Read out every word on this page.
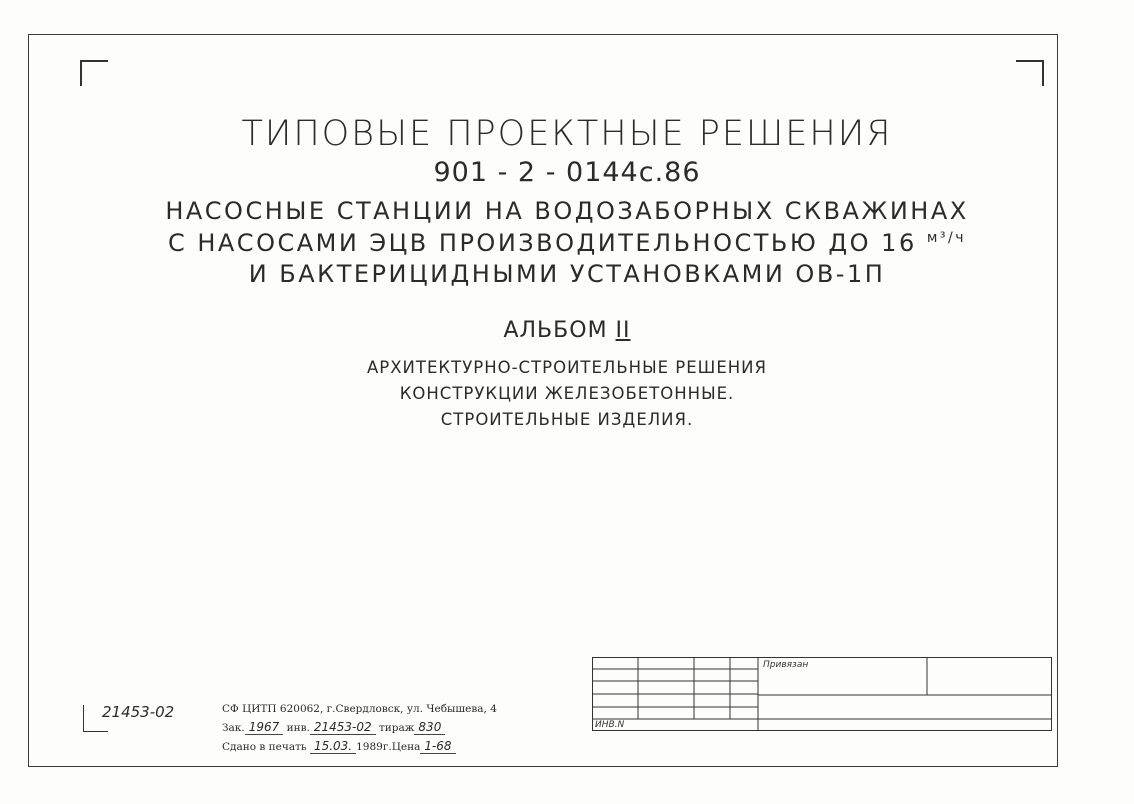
ТИПОВЫЕ ПРОЕКТНЫЕ РЕШЕНИЯ
901 - 2 - 0144с.86
НАСОСНЫЕ СТАНЦИИ НА ВОДОЗАБОРНЫХ СКВАЖИНАХ
С НАСОСАМИ ЭЦВ ПРОИЗВОДИТЕЛЬНОСТЬЮ ДО 16 $^{м^3/ч}$
И БАКТЕРИЦИДНЫМИ УСТАНОВКАМИ ОВ-1П
АЛЬБОМ II
АРХИТЕКТУРНО-СТРОИТЕЛЬНЫЕ РЕШЕНИЯ
КОНСТРУКЦИИ ЖЕЛЕЗОБЕТОННЫЕ.
СТРОИТЕЛЬНЫЕ ИЗДЕЛИЯ.
21453-02	СФ ЦИТП 620062, г.Свердловск, ул. Чебышева, 4
Зак. 1967 инв. 21453-02 тираж 830
Сдано в печать 15.03. 1989г.Цена 1-68
Привязан
ИНВ.N
